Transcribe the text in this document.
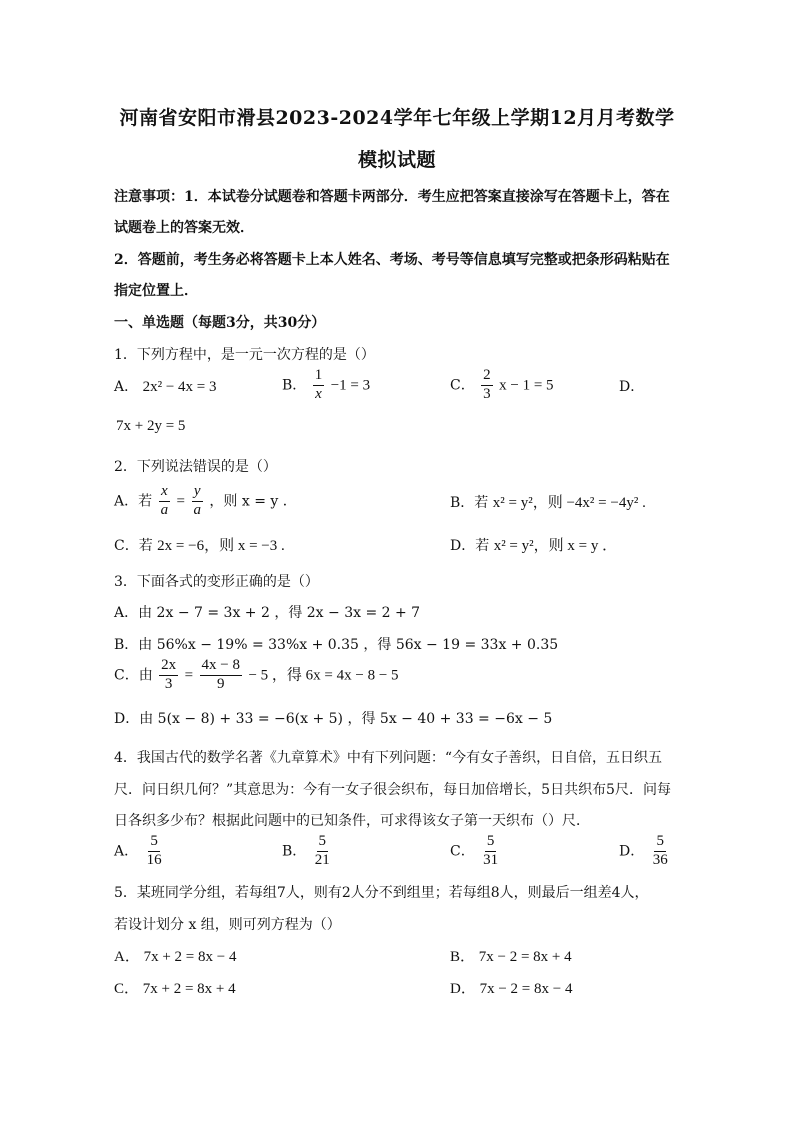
河南省安阳市滑县2023-2024学年七年级上学期12月月考数学
模拟试题
注意事项：1．本试卷分试题卷和答题卡两部分．考生应把答案直接涂写在答题卡上，答在
试题卷上的答案无效．
2．答题前，考生务必将答题卡上本人姓名、考场、考号等信息填写完整或把条形码粘贴在
指定位置上．
一、单选题（每题3分，共30分）
1．下列方程中，是一元一次方程的是（）
A． 2x² − 4x = 3	B． $\frac{1}{x} -1 = 3$	C． $\frac{2}{3}$ x − 1 = 5	D．
7x + 2y = 5
2．下列说法错误的是（）
A．若 $\frac{x}{a} = \frac{y}{a}$ ，则 x = y ．	B．若 x² = y²，则 −4x² = −4y² .
C．若 2x = −6，则 x = −3 .	D．若 x² = y²，则 x = y ．
3．下面各式的变形正确的是（）
A．由 2x − 7 = 3x + 2 ，得 2x − 3x = 2 + 7
B．由 56%x − 19% = 33%x + 0.35 ，得 56x − 19 = 33x + 0.35
C．由 $\frac{2x}{3} = \frac{4x - 8}{9} - 5$ ，得 6x = 4x − 8 − 5
D．由 5(x − 8) + 33 = −6(x + 5) ，得 5x − 40 + 33 = −6x − 5
4．我国古代的数学名著《九章算术》中有下列问题：“今有女子善织，日自倍，五日织五
尺．问日织几何？”其意思为：今有一女子很会织布，每日加倍增长，5日共织布5尺．问每
日各织多少布？根据此问题中的已知条件，可求得该女子第一天织布（）尺．
A． $\frac{5}{16}$	B． $\frac{5}{21}$	C． $\frac{5}{31}$	D． $\frac{5}{36}$
5．某班同学分组，若每组7人，则有2人分不到组里；若每组8人，则最后一组差4人，
若设计划分 x 组，则可列方程为（）
A． 7x + 2 = 8x − 4	B． 7x − 2 = 8x + 4
C． 7x + 2 = 8x + 4	D． 7x − 2 = 8x − 4
